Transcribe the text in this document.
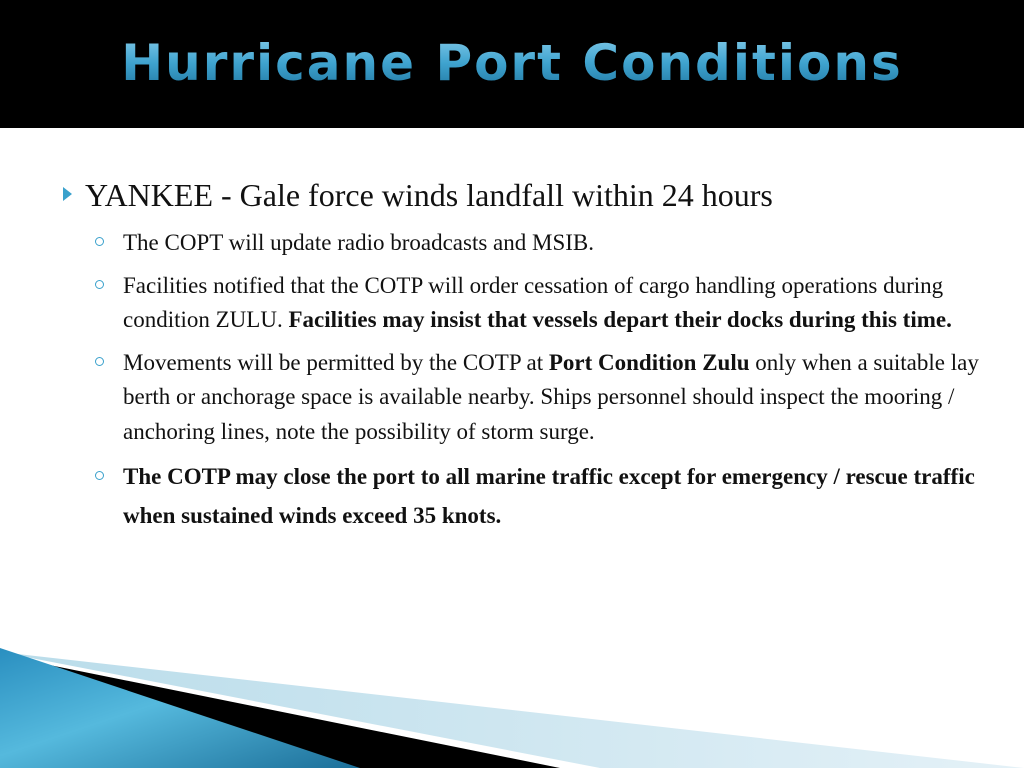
Hurricane Port Conditions
YANKEE - Gale force winds landfall within 24 hours
The COPT will update radio broadcasts and MSIB.
Facilities notified that the COTP will order cessation of cargo handling operations during condition ZULU. Facilities may insist that vessels depart their docks during this time.
Movements will be permitted by the COTP at Port Condition Zulu only when a suitable lay berth or anchorage space is available nearby. Ships personnel should inspect the mooring / anchoring lines, note the possibility of storm surge.
The COTP may close the port to all marine traffic except for emergency / rescue traffic when sustained winds exceed 35 knots.
